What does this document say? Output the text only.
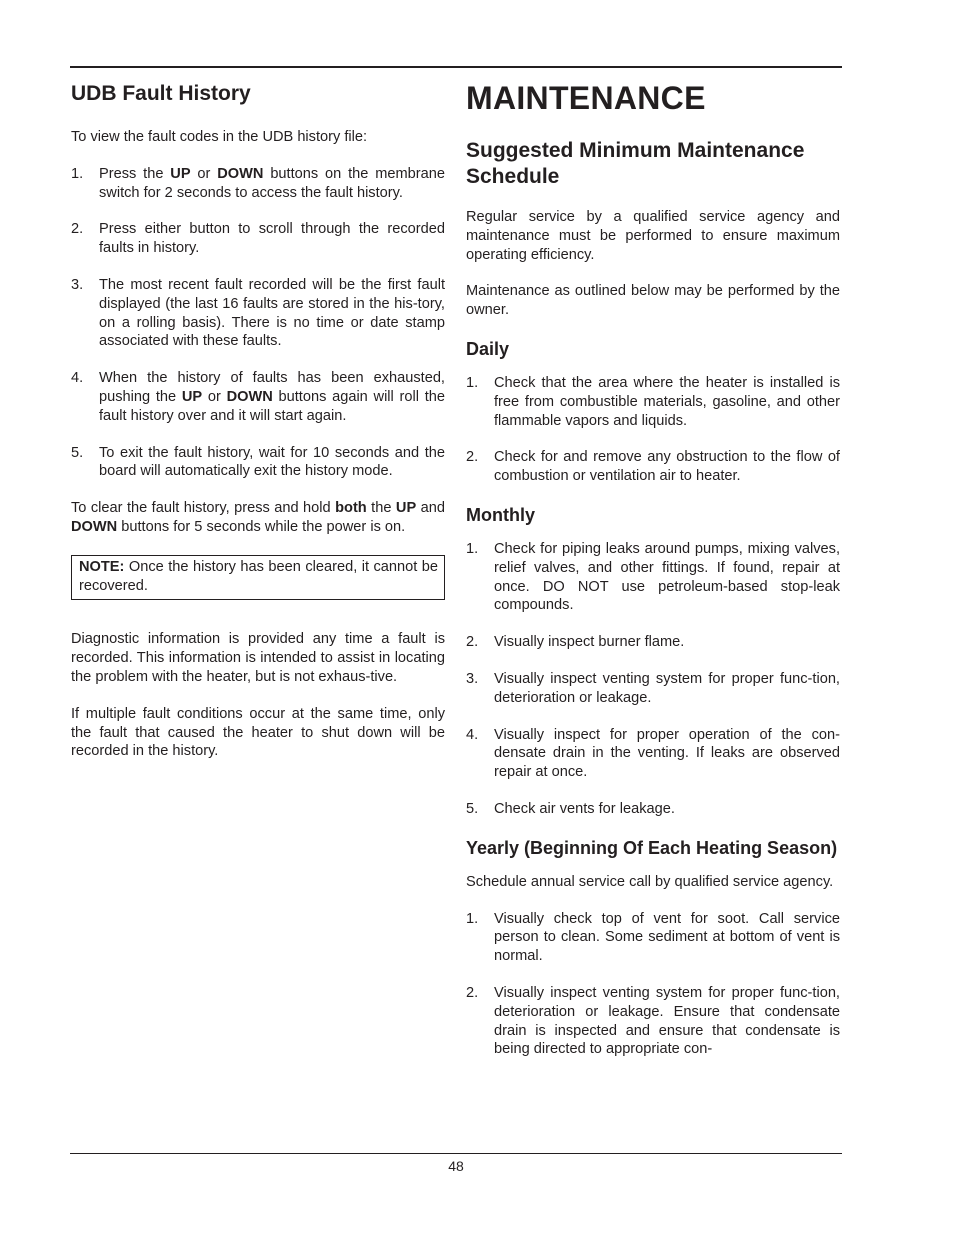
UDB Fault History

To view the fault codes in the UDB history file:

1. Press the UP or DOWN buttons on the membrane switch for 2 seconds to access the fault history.
2. Press either button to scroll through the recorded faults in history.
3. The most recent fault recorded will be the first fault displayed (the last 16 faults are stored in the his-tory, on a rolling basis). There is no time or date stamp associated with these faults.
4. When the history of faults has been exhausted, pushing the UP or DOWN buttons again will roll the fault history over and it will start again.
5. To exit the fault history, wait for 10 seconds and the board will automatically exit the history mode.

To clear the fault history, press and hold both the UP and DOWN buttons for 5 seconds while the power is on.

NOTE: Once the history has been cleared, it cannot be recovered.

Diagnostic information is provided any time a fault is recorded. This information is intended to assist in locating the problem with the heater, but is not exhaus-tive.

If multiple fault conditions occur at the same time, only the fault that caused the heater to shut down will be recorded in the history.

MAINTENANCE
Suggested Minimum Maintenance Schedule

Regular service by a qualified service agency and maintenance must be performed to ensure maximum operating efficiency.

Maintenance as outlined below may be performed by the owner.

Daily
1. Check that the area where the heater is installed is free from combustible materials, gasoline, and other flammable vapors and liquids.
2. Check for and remove any obstruction to the flow of combustion or ventilation air to heater.
Monthly
1. Check for piping leaks around pumps, mixing valves, relief valves, and other fittings. If found, repair at once. DO NOT use petroleum-based stop-leak compounds.
2. Visually inspect burner flame.
3. Visually inspect venting system for proper func-tion, deterioration or leakage.
4. Visually inspect for proper operation of the con-densate drain in the venting. If leaks are observed repair at once.
5. Check air vents for leakage.
Yearly (Beginning Of Each Heating Season)

Schedule annual service call by qualified service agency.

1. Visually check top of vent for soot. Call service person to clean. Some sediment at bottom of vent is normal.
2. Visually inspect venting system for proper func-tion, deterioration or leakage. Ensure that condensate drain is inspected and ensure that condensate is being directed to appropriate con-
48
